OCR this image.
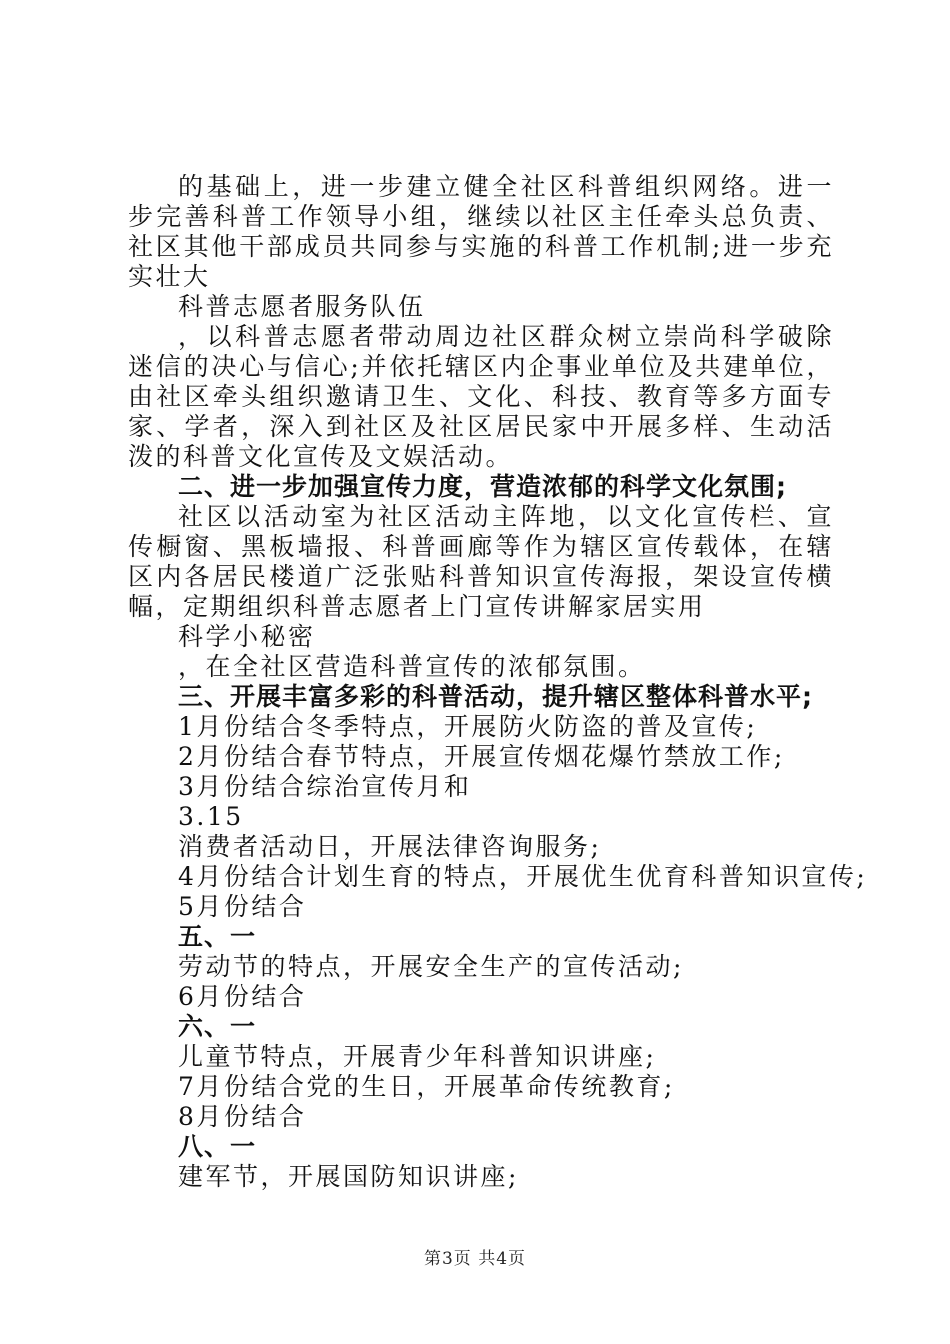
的基础上，进一步建立健全社区科普组织网络。进一步完善科普工作领导小组，继续以社区主任牵头总负责、社区其他干部成员共同参与实施的科普工作机制;进一步充实壮大

科普志愿者服务队伍

，以科普志愿者带动周边社区群众树立崇尚科学破除迷信的决心与信心;并依托辖区内企事业单位及共建单位，由社区牵头组织邀请卫生、文化、科技、教育等多方面专家、学者，深入到社区及社区居民家中开展多样、生动活泼的科普文化宣传及文娱活动。

二、进一步加强宣传力度，营造浓郁的科学文化氛围;

社区以活动室为社区活动主阵地，以文化宣传栏、宣传橱窗、黑板墙报、科普画廊等作为辖区宣传载体，在辖区内各居民楼道广泛张贴科普知识宣传海报，架设宣传横幅，定期组织科普志愿者上门宣传讲解家居实用

科学小秘密

，在全社区营造科普宣传的浓郁氛围。

三、开展丰富多彩的科普活动，提升辖区整体科普水平;

1月份结合冬季特点，开展防火防盗的普及宣传;

2月份结合春节特点，开展宣传烟花爆竹禁放工作;

3月份结合综治宣传月和

3.15

消费者活动日，开展法律咨询服务;

4月份结合计划生育的特点，开展优生优育科普知识宣传;

5月份结合

五、一

劳动节的特点，开展安全生产的宣传活动;

6月份结合

六、一

儿童节特点，开展青少年科普知识讲座;

7月份结合党的生日，开展革命传统教育;

8月份结合

八、一

建军节，开展国防知识讲座;

第3页 共4页
